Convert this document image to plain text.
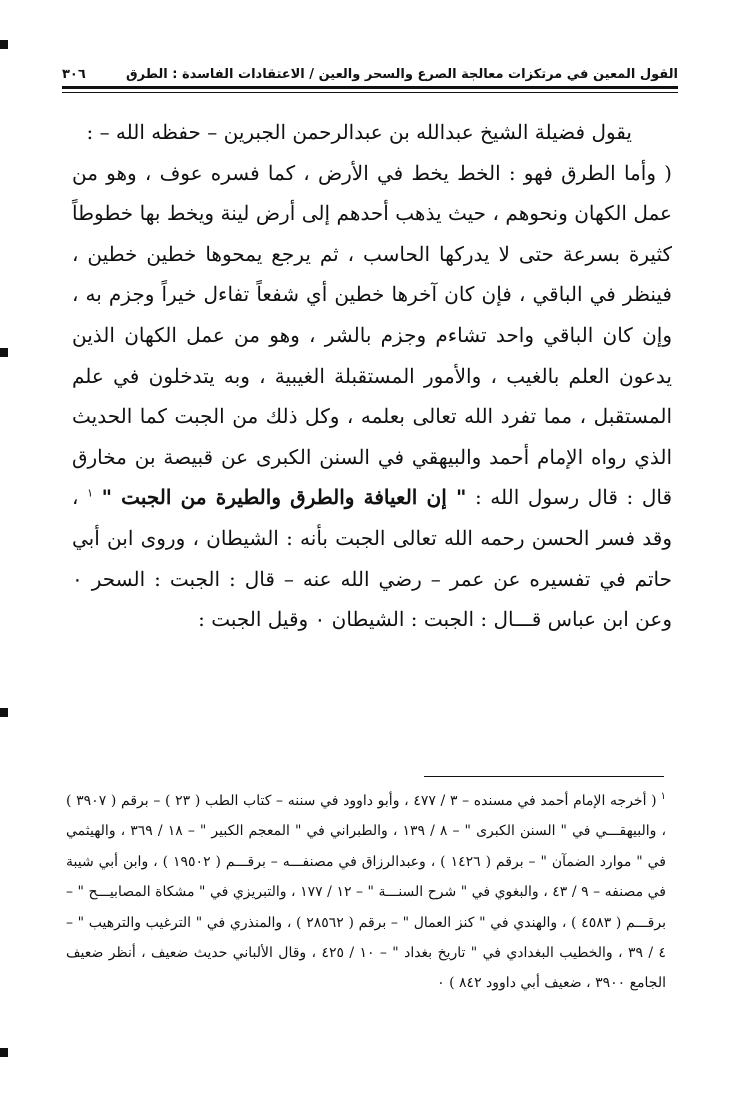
القول المعين في مرتكزات معالجة الصرع والسحر والعين / الاعتقادات الفاسدة : الطرق
٣٠٦

يقول فضيلة الشيخ عبدالله بن عبدالرحمن الجبرين – حفظه الله – :

( وأما الطرق فهو : الخط يخط في الأرض ، كما فسره عوف ، وهو من عمل الكهان ونحوهم ، حيث يذهب أحدهم إلى أرض لينة ويخط بها خطوطاً كثيرة بسرعة حتى لا يدركها الحاسب ، ثم يرجع يمحوها خطين خطين ، فينظر في الباقي ، فإن كان آخرها خطين أي شفعاً تفاءل خيراً وجزم به ، وإن كان الباقي واحد تشاءم وجزم بالشر ، وهو من عمل الكهان الذين يدعون العلم بالغيب ، والأمور المستقبلة الغيبية ، وبه يتدخلون في علم المستقبل ، مما تفرد الله تعالى بعلمه ، وكل ذلك من الجبت كما الحديث الذي رواه الإمام أحمد والبيهقي في السنن الكبرى عن قبيصة بن مخارق قال : قال رسول الله : " إن العيافة والطرق والطيرة من الجبت " $^١$ ، وقد فسر الحسن رحمه الله تعالى الجبت بأنه : الشيطان ، وروى ابن أبي حاتم في تفسيره عن عمر – رضي الله عنه – قال : الجبت : السحر ٠ وعن ابن عباس قـــال : الجبت : الشيطان ٠ وقيل الجبت :

$^١$( أخرجه الإمام أحمد في مسنده – ٣ / ٤٧٧ ، وأبو داوود في سننه – كتاب الطب ( ٢٣ ) – برقم ( ٣٩٠٧ ) ، والبيهقـــي في " السنن الكبرى " – ٨ / ١٣٩ ، والطبراني في " المعجم الكبير " – ١٨ / ٣٦٩ ، والهيثمي في " موارد الضمآن " – برقم ( ١٤٢٦ ) ، وعبدالرزاق في مصنفـــه – برقـــم ( ١٩٥٠٢ ) ، وابن أبي شيبة في مصنفه – ٩ / ٤٣ ، والبغوي في " شرح السنـــة " – ١٢ / ١٧٧ ، والتبريزي في " مشكاة المصابيـــح " – برقـــم ( ٤٥٨٣ ) ، والهندي في " كنز العمال " – برقم ( ٢٨٥٦٢ ) ، والمنذري في " الترغيب والترهيب " – ٤ / ٣٩ ، والخطيب البغدادي في " تاريخ بغداد " – ١٠ / ٤٢٥ ، وقال الألباني حديث ضعيف ، أنظر ضعيف الجامع ٣٩٠٠ ، ضعيف أبي داوود ٨٤٢ ) ٠
